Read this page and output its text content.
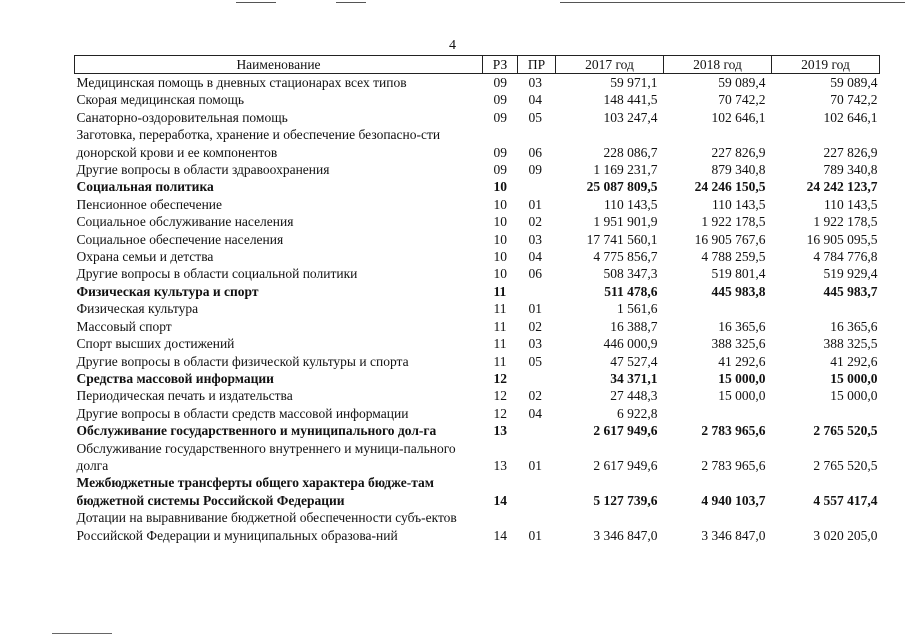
4
Наименование	РЗ	ПР	2017 год	2018 год	2019 год
Медицинская помощь в дневных стационарах всех типов	09	03	59 971,1	59 089,4	59 089,4
Скорая медицинская помощь	09	04	148 441,5	70 742,2	70 742,2
Санаторно-оздоровительная помощь	09	05	103 247,4	102 646,1	102 646,1
Заготовка, переработка, хранение и обеспечение безопасно-сти донорской крови и ее компонентов	09	06	228 086,7	227 826,9	227 826,9
Другие вопросы в области здравоохранения	09	09	1 169 231,7	879 340,8	789 340,8
Социальная политика	10		25 087 809,5	24 246 150,5	24 242 123,7
Пенсионное обеспечение	10	01	110 143,5	110 143,5	110 143,5
Социальное обслуживание населения	10	02	1 951 901,9	1 922 178,5	1 922 178,5
Социальное обеспечение населения	10	03	17 741 560,1	16 905 767,6	16 905 095,5
Охрана семьи и детства	10	04	4 775 856,7	4 788 259,5	4 784 776,8
Другие вопросы в области социальной политики	10	06	508 347,3	519 801,4	519 929,4
Физическая культура и спорт	11		511 478,6	445 983,8	445 983,7
Физическая культура	11	01	1 561,6		
Массовый спорт	11	02	16 388,7	16 365,6	16 365,6
Спорт высших достижений	11	03	446 000,9	388 325,6	388 325,5
Другие вопросы в области физической культуры и спорта	11	05	47 527,4	41 292,6	41 292,6
Средства массовой информации	12		34 371,1	15 000,0	15 000,0
Периодическая печать и издательства	12	02	27 448,3	15 000,0	15 000,0
Другие вопросы в области средств массовой информации	12	04	6 922,8		
Обслуживание государственного и муниципального дол-га	13		2 617 949,6	2 783 965,6	2 765 520,5
Обслуживание государственного внутреннего и муници-пального долга	13	01	2 617 949,6	2 783 965,6	2 765 520,5
Межбюджетные трансферты общего характера бюдже-там бюджетной системы Российской Федерации	14		5 127 739,6	4 940 103,7	4 557 417,4
Дотации на выравнивание бюджетной обеспеченности субъ-ектов Российской Федерации и муниципальных образова-ний	14	01	3 346 847,0	3 346 847,0	3 020 205,0
